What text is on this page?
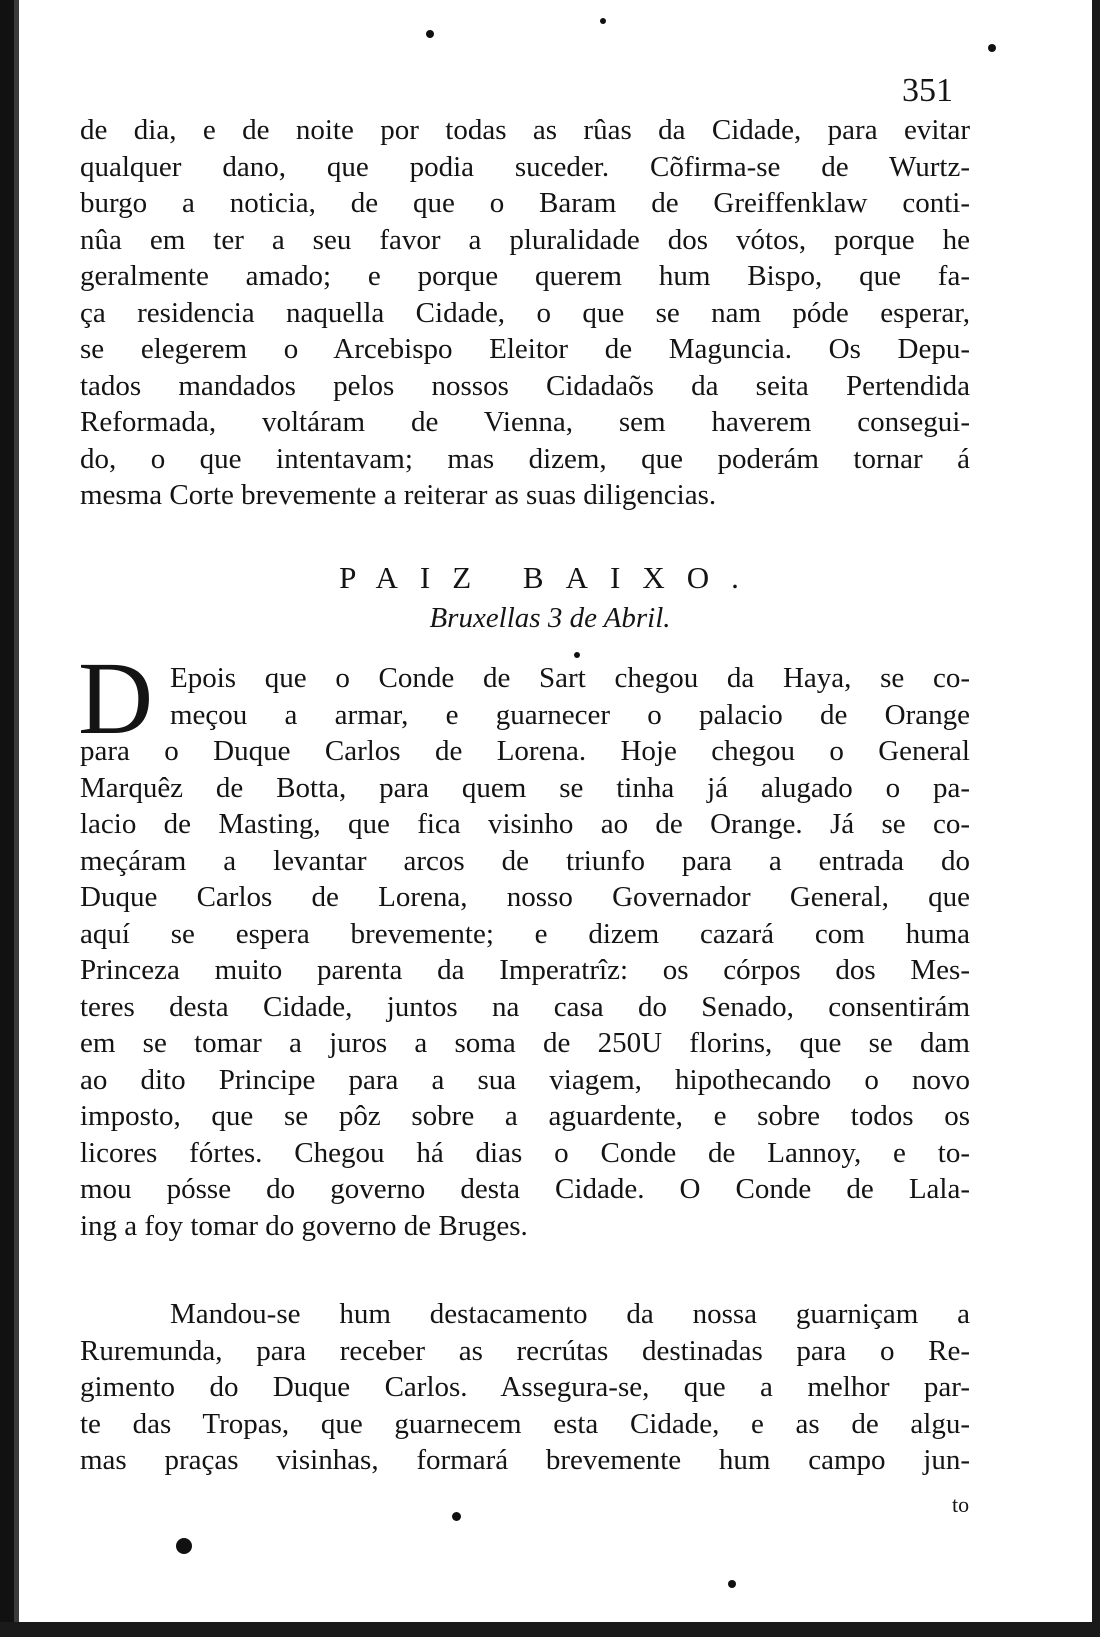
351
de dia, e de noite por todas as rûas da Cidade, para evitar
qualquer dano, que podia suceder. Cõfirma-se de Wurtz-
burgo a noticia, de que o Baram de Greiffenklaw conti-
nûa em ter a seu favor a pluralidade dos vótos, porque he
geralmente amado; e porque querem hum Bispo, que fa-
ça residencia naquella Cidade, o que se nam póde esperar,
se elegerem o Arcebispo Eleitor de Maguncia. Os Depu-
tados mandados pelos nossos Cidadaõs da seita Pertendida
Reformada, voltáram de Vienna, sem haverem consegui-
do, o que intentavam; mas dizem, que poderám tornar á
mesma Corte brevemente a reiterar as suas diligencias.
PAIZ BAIXO.
Bruxellas 3 de Abril.
D Epois que o Conde de Sart chegou da Haya, se co-
meçou a armar, e guarnecer o palacio de Orange
para o Duque Carlos de Lorena. Hoje chegou o General
Marquêz de Botta, para quem se tinha já alugado o pa-
lacio de Masting, que fica visinho ao de Orange. Já se co-
meçáram a levantar arcos de triunfo para a entrada do
Duque Carlos de Lorena, nosso Governador General, que
aquí se espera brevemente; e dizem cazará com huma
Princeza muito parenta da Imperatrîz: os córpos dos Mes-
teres desta Cidade, juntos na casa do Senado, consentirám
em se tomar a juros a soma de 250U florins, que se dam
ao dito Principe para a sua viagem, hipothecando o novo
imposto, que se pôz sobre a aguardente, e sobre todos os
licores fórtes. Chegou há dias o Conde de Lannoy, e to-
mou pósse do governo desta Cidade. O Conde de Lala-
ing a foy tomar do governo de Bruges.
Mandou-se hum destacamento da nossa guarniçam a
Ruremunda, para receber as recrútas destinadas para o Re-
gimento do Duque Carlos. Assegura-se, que a melhor par-
te das Tropas, que guarnecem esta Cidade, e as de algu-
mas praças visinhas, formará brevemente hum campo jun-
to
